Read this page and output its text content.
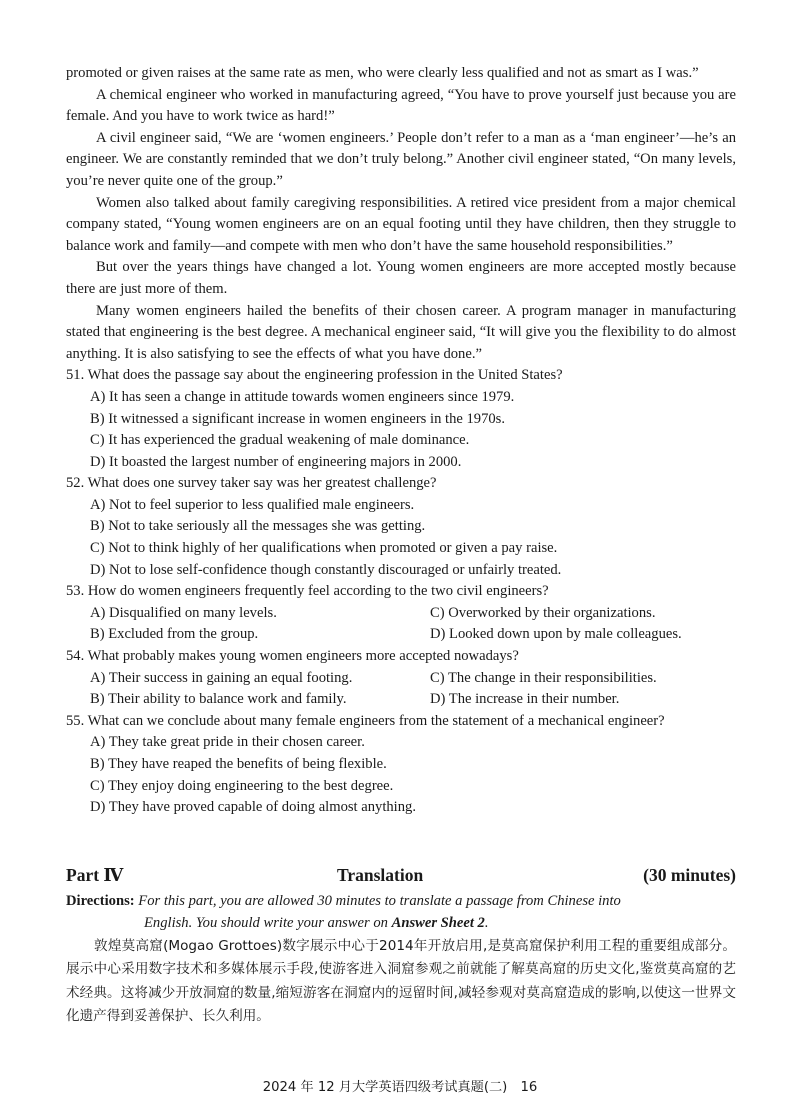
promoted or given raises at the same rate as men, who were clearly less qualified and not as smart as I was.”

A chemical engineer who worked in manufacturing agreed, “You have to prove yourself just because you are female. And you have to work twice as hard!”

A civil engineer said, “We are ‘women engineers.’ People don’t refer to a man as a ‘man engineer’—he’s an engineer. We are constantly reminded that we don’t truly belong.” Another civil engineer stated, “On many levels, you’re never quite one of the group.”

Women also talked about family caregiving responsibilities. A retired vice president from a major chemical company stated, “Young women engineers are on an equal footing until they have children, then they struggle to balance work and family—and compete with men who don’t have the same household responsibilities.”

But over the years things have changed a lot. Young women engineers are more accepted mostly because there are just more of them.

Many women engineers hailed the benefits of their chosen career. A program manager in manufacturing stated that engineering is the best degree. A mechanical engineer said, “It will give you the flexibility to do almost anything. It is also satisfying to see the effects of what you have done.”

51. What does the passage say about the engineering profession in the United States?

A) It has seen a change in attitude towards women engineers since 1979.

B) It witnessed a significant increase in women engineers in the 1970s.

C) It has experienced the gradual weakening of male dominance.

D) It boasted the largest number of engineering majors in 2000.

52. What does one survey taker say was her greatest challenge?

A) Not to feel superior to less qualified male engineers.

B) Not to take seriously all the messages she was getting.

C) Not to think highly of her qualifications when promoted or given a pay raise.

D) Not to lose self-confidence though constantly discouraged or unfairly treated.

53. How do women engineers frequently feel according to the two civil engineers?

A) Disqualified on many levels.	C) Overworked by their organizations.
B) Excluded from the group.	D) Looked down upon by male colleagues.

54. What probably makes young women engineers more accepted nowadays?

A) Their success in gaining an equal footing.	C) The change in their responsibilities.
B) Their ability to balance work and family.	D) The increase in their number.

55. What can we conclude about many female engineers from the statement of a mechanical engineer?

A) They take great pride in their chosen career.

B) They have reaped the benefits of being flexible.

C) They enjoy doing engineering to the best degree.

D) They have proved capable of doing almost anything.

Part Ⅳ	Translation	(30 minutes)
Directions: For this part, you are allowed 30 minutes to translate a passage from Chinese into
English. You should write your answer on Answer Sheet 2.

敦煌莫高窟(Mogao Grottoes)数字展示中心于2014年开放启用,是莫高窟保护利用工程的重要组成部分。展示中心采用数字技术和多媒体展示手段,使游客进入洞窟参观之前就能了解莫高窟的历史文化,鉴赏莫高窟的艺术经典。这将减少开放洞窟的数量,缩短游客在洞窟内的逗留时间,减轻参观对莫高窟造成的影响,以使这一世界文化遗产得到妥善保护、长久利用。

2024 年 12 月大学英语四级考试真题(二)　16
